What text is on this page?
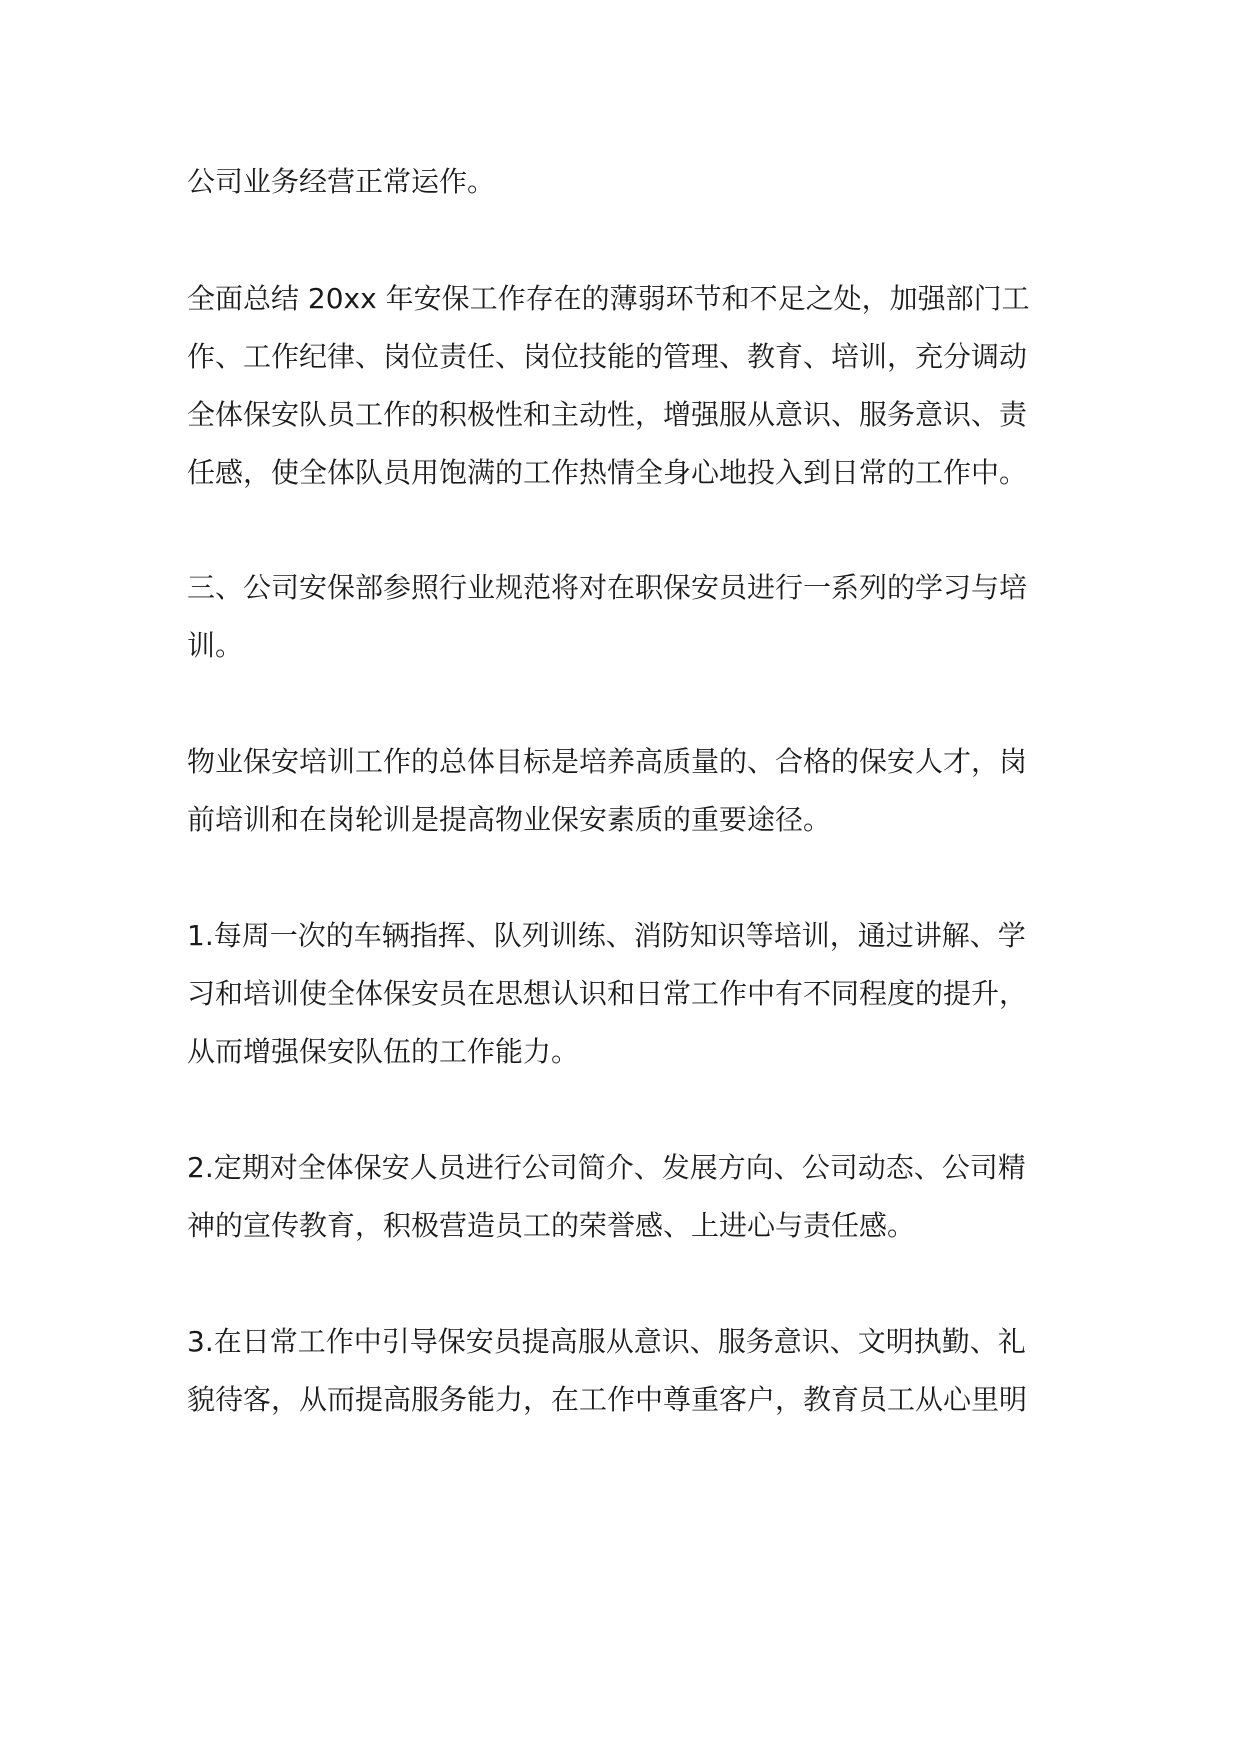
公司业务经营正常运作。

全面总结 20xx 年安保工作存在的薄弱环节和不足之处，加强部门工

作、工作纪律、岗位责任、岗位技能的管理、教育、培训，充分调动

全体保安队员工作的积极性和主动性，增强服从意识、服务意识、责

任感，使全体队员用饱满的工作热情全身心地投入到日常的工作中。

三、公司安保部参照行业规范将对在职保安员进行一系列的学习与培

训。

物业保安培训工作的总体目标是培养高质量的、合格的保安人才，岗

前培训和在岗轮训是提高物业保安素质的重要途径。

1.每周一次的车辆指挥、队列训练、消防知识等培训，通过讲解、学

习和培训使全体保安员在思想认识和日常工作中有不同程度的提升，

从而增强保安队伍的工作能力。

2.定期对全体保安人员进行公司简介、发展方向、公司动态、公司精

神的宣传教育，积极营造员工的荣誉感、上进心与责任感。

3.在日常工作中引导保安员提高服从意识、服务意识、文明执勤、礼

貌待客，从而提高服务能力，在工作中尊重客户，教育员工从心里明
